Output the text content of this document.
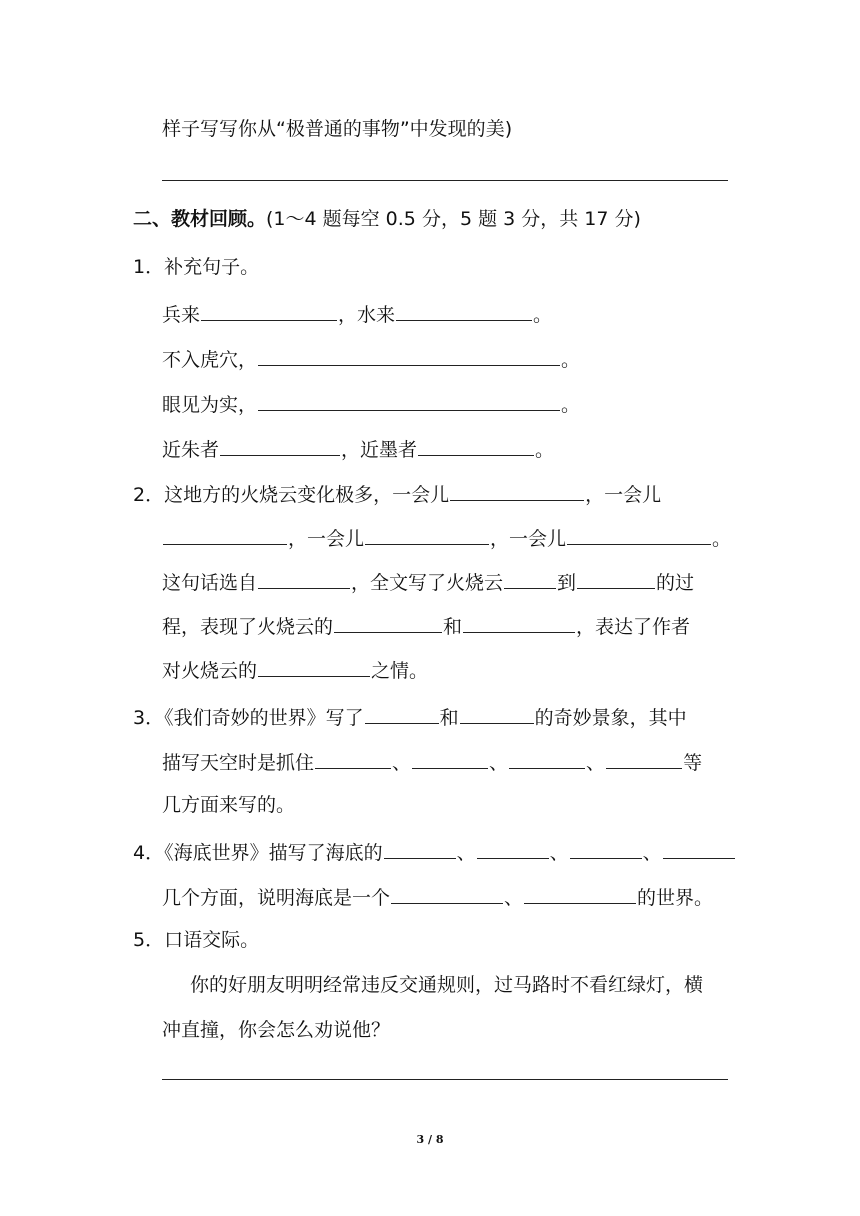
样子写写你从“极普通的事物”中发现的美)
二、教材回顾。(1～4 题每空 0.5 分，5 题 3 分，共 17 分)
1．补充句子。
兵来	，水来	。
不入虎穴，	。
眼见为实，	。
近朱者	，近墨者	。
2．这地方的火烧云变化极多，一会儿	，一会儿
，一会儿	，一会儿	。
这句话选自	，全文写了火烧云	到	的过
程，表现了火烧云的	和	，表达了作者
对火烧云的	之情。
3．《我们奇妙的世界》写了	和	的奇妙景象，其中
描写天空时是抓住	、	、	、	等
几方面来写的。
4．《海底世界》描写了海底的	、	、	、
几个方面，说明海底是一个	、	的世界。
5．口语交际。
你的好朋友明明经常违反交通规则，过马路时不看红绿灯，横
冲直撞，你会怎么劝说他？
3 / 8
